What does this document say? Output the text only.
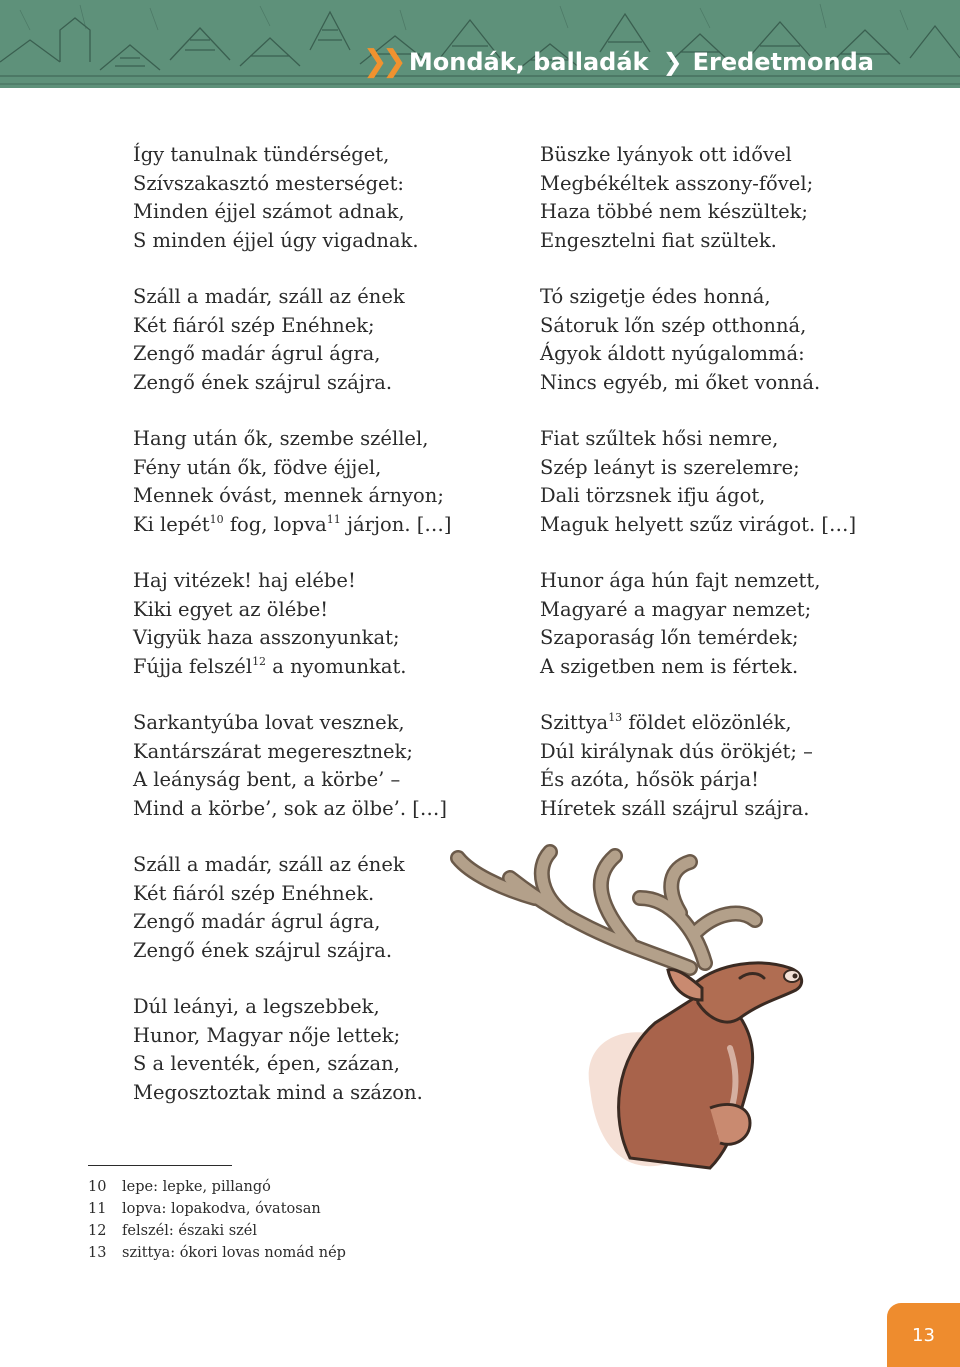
❯❯ Mondák, balladák ❯ Eredetmonda
Így tanulnak tündérséget,
Szívszakasztó mesterséget:
Minden éjjel számot adnak,
S minden éjjel úgy vigadnak.
Száll a madár, száll az ének
Két fiáról szép Enéhnek;
Zengő madár ágrul ágra,
Zengő ének szájrul szájra.
Hang után ők, szembe széllel,
Fény után ők, födve éjjel,
Mennek óvást, mennek árnyon;
Ki lepét$^{10}$ fog, lopva$^{11}$ járjon. […]
Haj vitézek! haj elébe!
Kiki egyet az ölébe!
Vigyük haza asszonyunkat;
Fújja felszél$^{12}$ a nyomunkat.
Sarkantyúba lovat vesznek,
Kantárszárat megeresztnek;
A leányság bent, a körbe’ –
Mind a körbe’, sok az ölbe’. […]
Száll a madár, száll az ének
Két fiáról szép Enéhnek.
Zengő madár ágrul ágra,
Zengő ének szájrul szájra.
Dúl leányi, a legszebbek,
Hunor, Magyar nője lettek;
S a leventék, épen, százan,
Megosztoztak mind a százon.
Büszke lyányok ott idővel
Megbékéltek asszony-fővel;
Haza többé nem készültek;
Engesztelni fiat szültek.
Tó szigetje édes honná,
Sátoruk lőn szép otthonná,
Ágyok áldott nyúgalommá:
Nincs egyéb, mi őket vonná.
Fiat szűltek hősi nemre,
Szép leányt is szerelemre;
Dali törzsnek ifju ágot,
Maguk helyett szűz virágot. […]
Hunor ága hún fajt nemzett,
Magyaré a magyar nemzet;
Szaporaság lőn temérdek;
A szigetben nem is fértek.
Szittya$^{13}$ földet elözönlék,
Dúl királynak dús örökjét; –
És azóta, hősök párja!
Híretek száll szájrul szájra.
10	lepe: lepke, pillangó
11	lopva: lopakodva, óvatosan
12	felszél: északi szél
13	szittya: ókori lovas nomád nép
13
